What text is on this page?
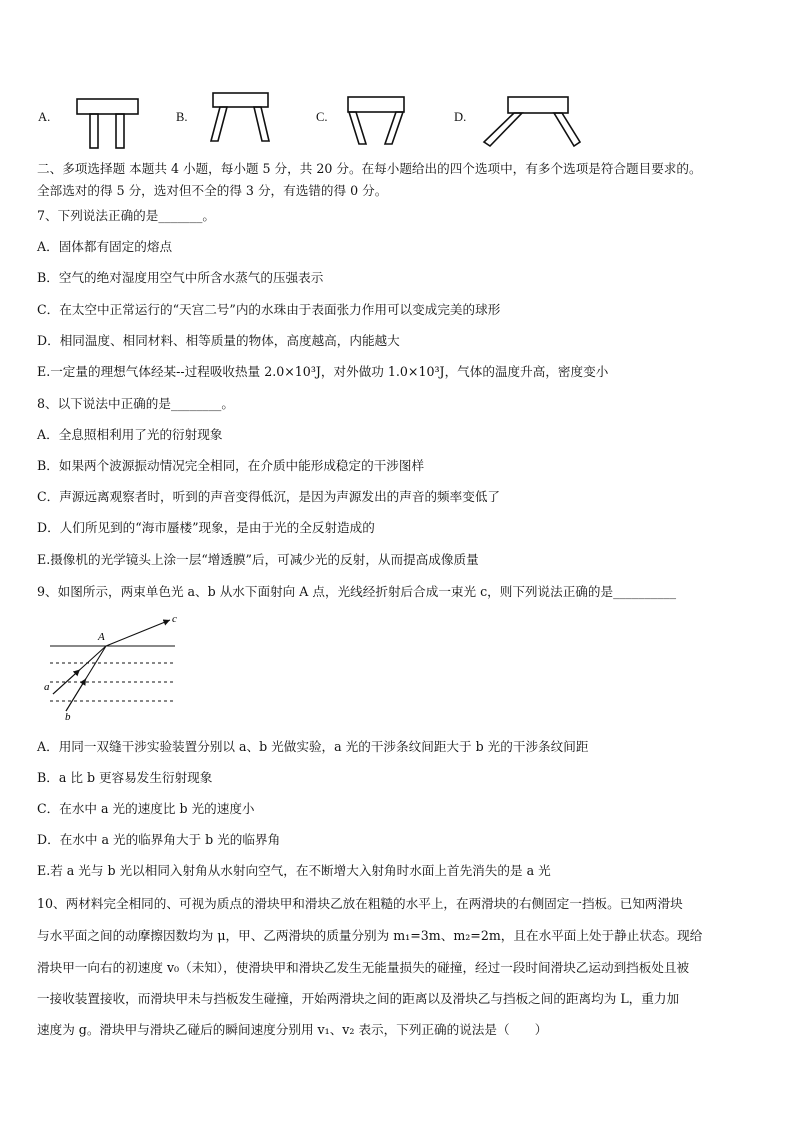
A.	B.	C.	D.
二、多项选择题 本题共 4 小题，每小题 5 分，共 20 分。在每小题给出的四个选项中，有多个选项是符合题目要求的。
全部选对的得 5 分，选对但不全的得 3 分，有选错的得 0 分。
7、下列说法正确的是_______。
A．固体都有固定的熔点
B．空气的绝对湿度用空气中所含水蒸气的压强表示
C．在太空中正常运行的“天宫二号”内的水珠由于表面张力作用可以变成完美的球形
D．相同温度、相同材料、相等质量的物体，高度越高，内能越大
E.一定量的理想气体经某--过程吸收热量 2.0×10³J，对外做功 1.0×10³J，气体的温度升高，密度变小
8、以下说法中正确的是________。
A．全息照相利用了光的衍射现象
B．如果两个波源振动情况完全相同，在介质中能形成稳定的干涉图样
C．声源远离观察者时，听到的声音变得低沉，是因为声源发出的声音的频率变低了
D．人们所见到的“海市蜃楼”现象，是由于光的全反射造成的
E.摄像机的光学镜头上涂一层“增透膜”后，可减少光的反射，从而提高成像质量
9、如图所示，两束单色光 a、b 从水下面射向 A 点，光线经折射后合成一束光 c，则下列说法正确的是__________
A
a
b
c
A．用同一双缝干涉实验装置分别以 a、b 光做实验，a 光的干涉条纹间距大于 b 光的干涉条纹间距
B．a 比 b 更容易发生衍射现象
C．在水中 a 光的速度比 b 光的速度小
D．在水中 a 光的临界角大于 b 光的临界角
E.若 a 光与 b 光以相同入射角从水射向空气，在不断增大入射角时水面上首先消失的是 a 光
10、两材料完全相同的、可视为质点的滑块甲和滑块乙放在粗糙的水平上，在两滑块的右侧固定一挡板。已知两滑块
与水平面之间的动摩擦因数均为 μ，甲、乙两滑块的质量分别为 m₁=3m、m₂=2m，且在水平面上处于静止状态。现给
滑块甲一向右的初速度 v₀（未知），使滑块甲和滑块乙发生无能量损失的碰撞，经过一段时间滑块乙运动到挡板处且被
一接收装置接收，而滑块甲未与挡板发生碰撞，开始两滑块之间的距离以及滑块乙与挡板之间的距离均为 L，重力加
速度为 g。滑块甲与滑块乙碰后的瞬间速度分别用 v₁、v₂ 表示，下列正确的说法是（　　）
